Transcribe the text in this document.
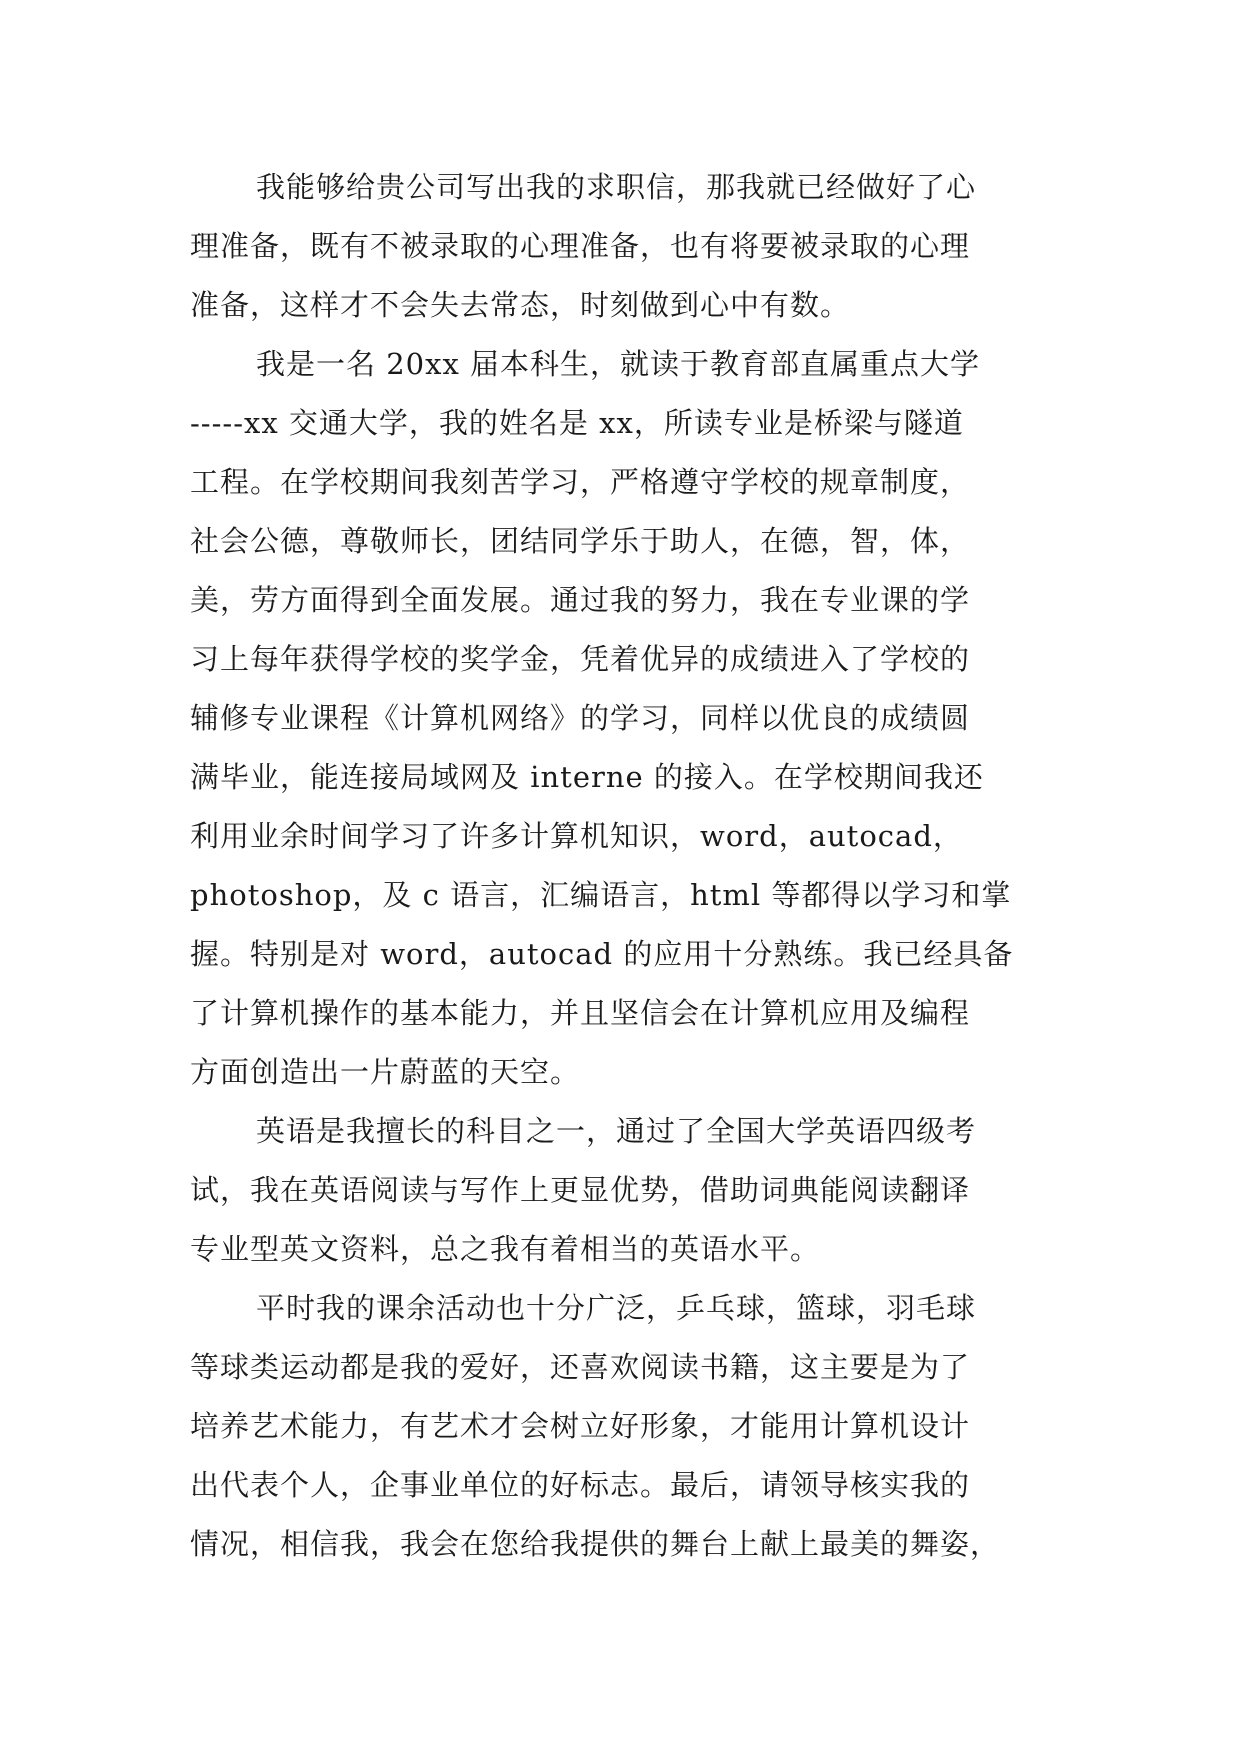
我能够给贵公司写出我的求职信，那我就已经做好了心
理准备，既有不被录取的心理准备，也有将要被录取的心理
准备，这样才不会失去常态，时刻做到心中有数。
我是一名 20xx 届本科生，就读于教育部直属重点大学
-----xx 交通大学，我的姓名是 xx，所读专业是桥梁与隧道
工程。在学校期间我刻苦学习，严格遵守学校的规章制度，
社会公德，尊敬师长，团结同学乐于助人，在德，智，体，
美，劳方面得到全面发展。通过我的努力，我在专业课的学
习上每年获得学校的奖学金，凭着优异的成绩进入了学校的
辅修专业课程《计算机网络》的学习，同样以优良的成绩圆
满毕业，能连接局域网及 interne 的接入。在学校期间我还
利用业余时间学习了许多计算机知识，word，autocad，
photoshop，及 c 语言，汇编语言，html 等都得以学习和掌
握。特别是对 word，autocad 的应用十分熟练。我已经具备
了计算机操作的基本能力，并且坚信会在计算机应用及编程
方面创造出一片蔚蓝的天空。
英语是我擅长的科目之一，通过了全国大学英语四级考
试，我在英语阅读与写作上更显优势，借助词典能阅读翻译
专业型英文资料，总之我有着相当的英语水平。
平时我的课余活动也十分广泛，乒乓球，篮球，羽毛球
等球类运动都是我的爱好，还喜欢阅读书籍，这主要是为了
培养艺术能力，有艺术才会树立好形象，才能用计算机设计
出代表个人，企事业单位的好标志。最后，请领导核实我的
情况，相信我，我会在您给我提供的舞台上献上最美的舞姿，
